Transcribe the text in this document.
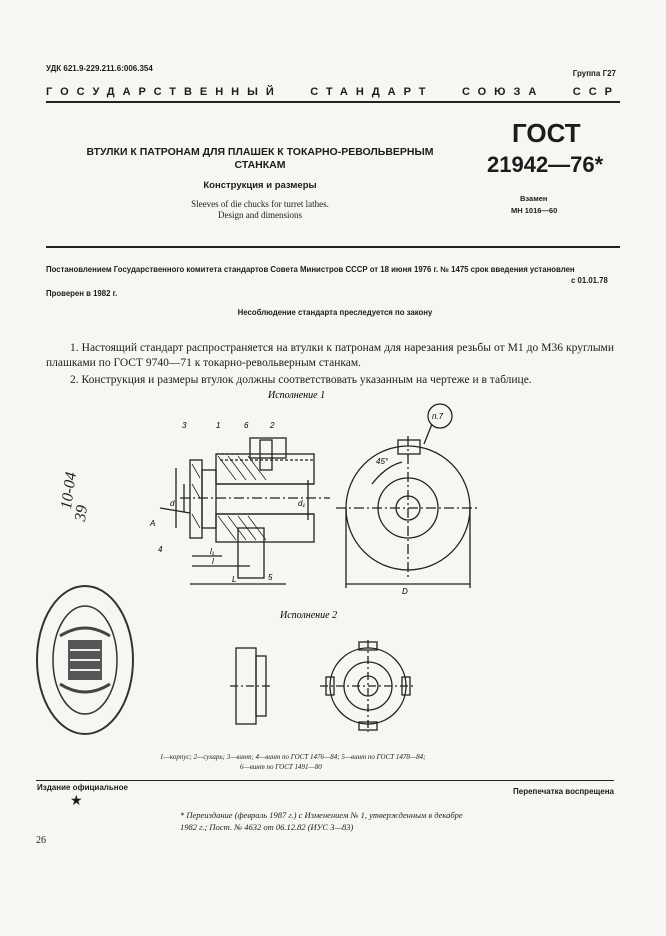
УДК 621.9-229.211.6:006.354
Группа Г27
ГОСУДАРСТВЕННЫЙ	СТАНДАРТ	СОЮЗА	ССР
ВТУЛКИ К ПАТРОНАМ ДЛЯ ПЛАШЕК К ТОКАРНО-РЕВОЛЬВЕРНЫМ СТАНКАМ
Конструкция и размеры
Sleeves of die chucks for turret lathes.
Design and dimensions
ГОСТ
21942—76*
Взамен
МН 1016—60
Постановлением Государственного комитета стандартов Совета Министров СССР от 18 июня 1976 г. № 1475 срок введения установлен
с 01.01.78
Проверен в 1982 г.
Несоблюдение стандарта преследуется по закону
1. Настоящий стандарт распространяется на втулки к патронам для нарезания резьбы от М1 до М36 круглыми плашками по ГОСТ 9740—71 к токарно-револьверным станкам.
2. Конструкция и размеры втулок должны соответствовать указанным на чертеже и в таблице.
10-04
39
3	1	6	2
4
5
d	d₁
A
l
l₁
L
D
45°
п.7
Исполнение 1
Исполнение 2
1—корпус; 2—сухарь; 3—винт; 4—винт по ГОСТ 1476—84; 5—винт по ГОСТ 1478—84;
6—винт по ГОСТ 1491—80
Издание официальное
★
Перепечатка воспрещена
* Переиздание (февраль 1987 г.) с Изменением № 1, утвержденным в декабре 1982 г.; Пост. № 4632 от 06.12.82 (ИУС 3—83)
26
